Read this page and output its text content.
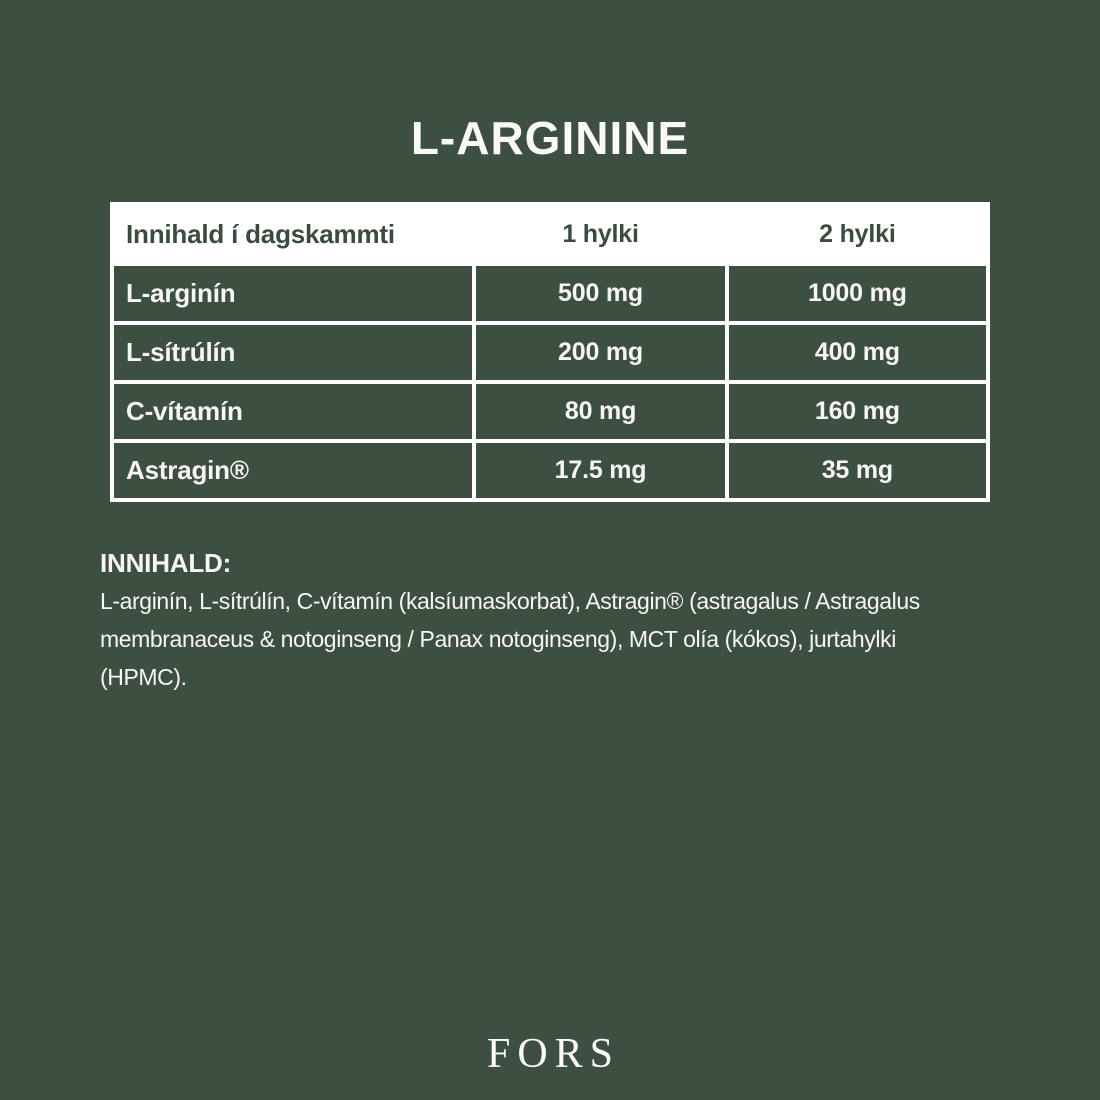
L-ARGININE
Innihald í dagskammti	1 hylki	2 hylki
L-arginín	500 mg	1000 mg
L-sítrúlín	200 mg	400 mg
C-vítamín	80 mg	160 mg
Astragin®	17.5 mg	35 mg
INNIHALD:
L-arginín, L-sítrúlín, C-vítamín (kalsíumaskorbat), Astragin® (astragalus / Astragalus
membranaceus & notoginseng / Panax notoginseng), MCT olía (kókos), jurtahylki
(HPMC).
FORS
